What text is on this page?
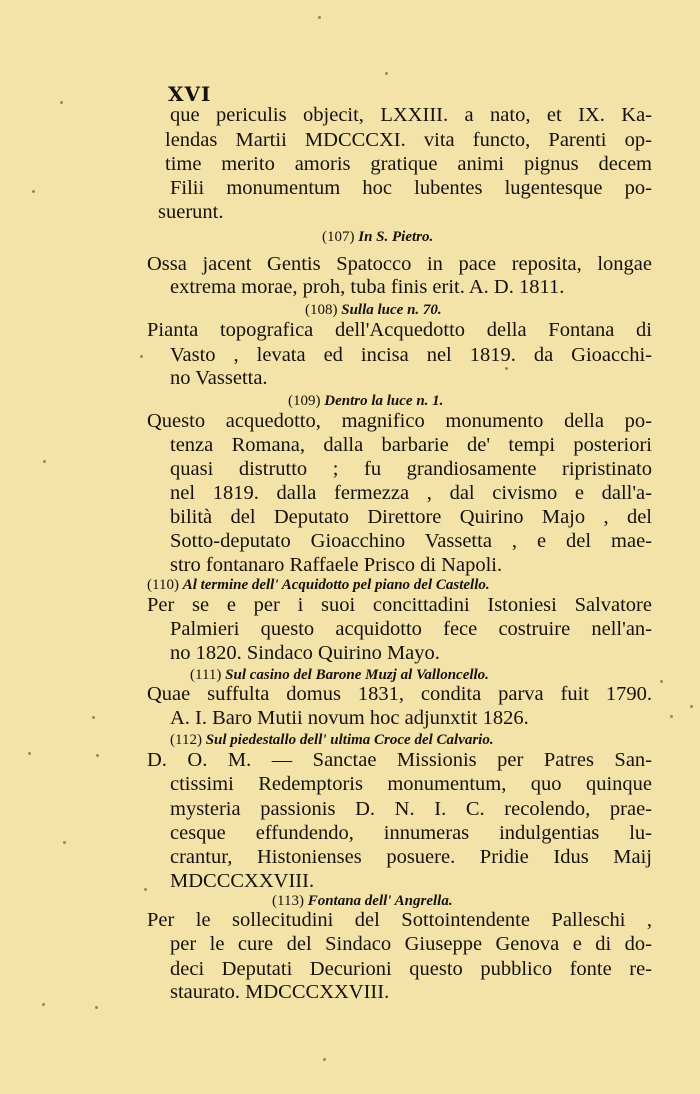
XVI
que periculis objecit, LXXIII. a nato, et IX. Ka-
lendas Martii MDCCCXI. vita functo, Parenti op-
time merito amoris gratique animi pignus decem
Filii monumentum hoc lubentes lugentesque po-
suerunt.
(107) In S. Pietro.
Ossa jacent Gentis Spatocco in pace reposita, longae
extrema morae, proh, tuba finis erit. A. D. 1811.
(108) Sulla luce n. 70.
Pianta topografica dell'Acquedotto della Fontana di
Vasto , levata ed incisa nel 1819. da Gioacchi-
no Vassetta.
(109) Dentro la luce n. 1.
Questo acquedotto, magnifico monumento della po-
tenza Romana, dalla barbarie de' tempi posteriori
quasi distrutto ; fu grandiosamente ripristinato
nel 1819. dalla fermezza , dal civismo e dall'a-
bilità del Deputato Direttore Quirino Majo , del
Sotto-deputato Gioacchino Vassetta , e del mae-
stro fontanaro Raffaele Prisco di Napoli.
(110) Al termine dell' Acquidotto pel piano del Castello.
Per se e per i suoi concittadini Istoniesi Salvatore
Palmieri questo acquidotto fece costruire nell'an-
no 1820. Sindaco Quirino Mayo.
(111) Sul casino del Barone Muzj al Valloncello.
Quae suffulta domus 1831, condita parva fuit 1790.
A. I. Baro Mutii novum hoc adjunxtit 1826.
(112) Sul piedestallo dell' ultima Croce del Calvario.
D. O. M. — Sanctae Missionis per Patres San-
ctissimi Redemptoris monumentum, quo quinque
mysteria passionis D. N. I. C. recolendo, prae-
cesque effundendo, innumeras indulgentias lu-
crantur, Histonienses posuere. Pridie Idus Maij
MDCCCXXVIII.
(113) Fontana dell' Angrella.
Per le sollecitudini del Sottointendente Palleschi ,
per le cure del Sindaco Giuseppe Genova e di do-
deci Deputati Decurioni questo pubblico fonte re-
staurato. MDCCCXXVIII.
